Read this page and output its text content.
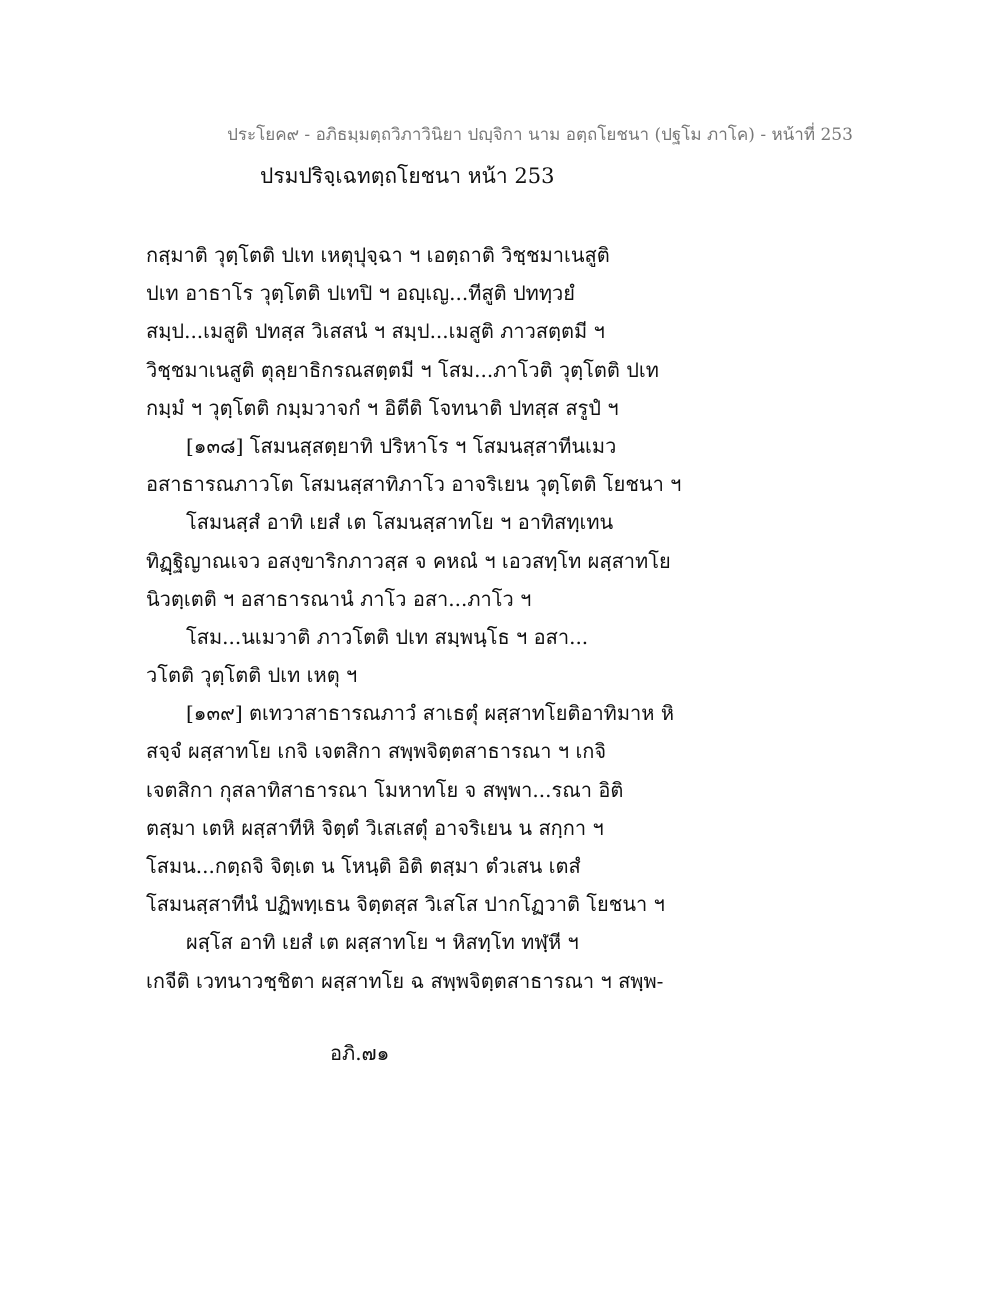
ประโยค๙ - อภิธมฺมตฺถวิภาวินิยา ปญฺจิกา นาม อตฺถโยชนา (ปฐโม ภาโค) - หน้าที่ 253
ปรมปริจฺเฉทตฺถโยชนา หน้า 253
กสฺมาติ วุตฺโตติ ปเท เหตุปุจฺฉา ฯ เอตฺถาติ วิชฺชมาเนสูติ
ปเท อาธาโร วุตฺโตติ ปเทปิ ฯ อญฺเญ...ทีสูติ ปททฺวยํ
สมฺป...เมสูติ ปทสฺส วิเสสนํ ฯ สมฺป...เมสูติ ภาวสตฺตมี ฯ
วิชฺชมาเนสูติ ตุลฺยาธิกรณสตฺตมี ฯ โสม...ภาโวติ วุตฺโตติ ปเท
กมฺมํ ฯ วุตฺโตติ กมฺมวาจกํ ฯ อิตีติ โจทนาติ ปทสฺส สรูปํ ฯ
[๑๓๘] โสมนสฺสตฺยาทิ ปริหาโร ฯ โสมนสฺสาทีนเมว
อสาธารณภาวโต โสมนสฺสาทิภาโว อาจริเยน วุตฺโตติ โยชนา ฯ
โสมนสฺสํ อาทิ เยสํ เต โสมนสฺสาทโย ฯ อาทิสทฺเทน
ทิฏฺฐิญาณเจว อสงฺขาริกภาวสฺส จ คหณํ ฯ เอวสทฺโท ผสฺสาทโย
นิวตฺเตติ ฯ อสาธารณานํ ภาโว อสา...ภาโว ฯ
โสม...นเมวาติ ภาวโตติ ปเท สมฺพนฺโธ ฯ อสา...
วโตติ วุตฺโตติ ปเท เหตุ ฯ
[๑๓๙] ตเทวาสาธารณภาวํ สาเธตุํ ผสฺสาทโยติอาทิมาห หิ
สจฺจํ ผสฺสาทโย เกจิ เจตสิกา สพฺพจิตฺตสาธารณา ฯ เกจิ
เจตสิกา กุสลาทิสาธารณา โมหาทโย จ สพฺพา...รณา อิติ
ตสฺมา เตหิ ผสฺสาทีหิ จิตฺตํ วิเสเสตุํ อาจริเยน น สกฺกา ฯ
โสมน...กตฺถจิ จิตฺเต น โหนฺติ อิติ ตสฺมา ตํวเสน เตสํ
โสมนสฺสาทีนํ ปฏิพทฺเธน จิตฺตสฺส วิเสโส ปากโฏวาติ โยชนา ฯ
ผสฺโส อาทิ เยสํ เต ผสฺสาทโย ฯ หิสทฺโท ทฬฺหี ฯ
เกจีติ เวทนาวชฺชิตา ผสฺสาทโย ฉ สพฺพจิตฺตสาธารณา ฯ สพฺพ-
อภิ.๗๑
